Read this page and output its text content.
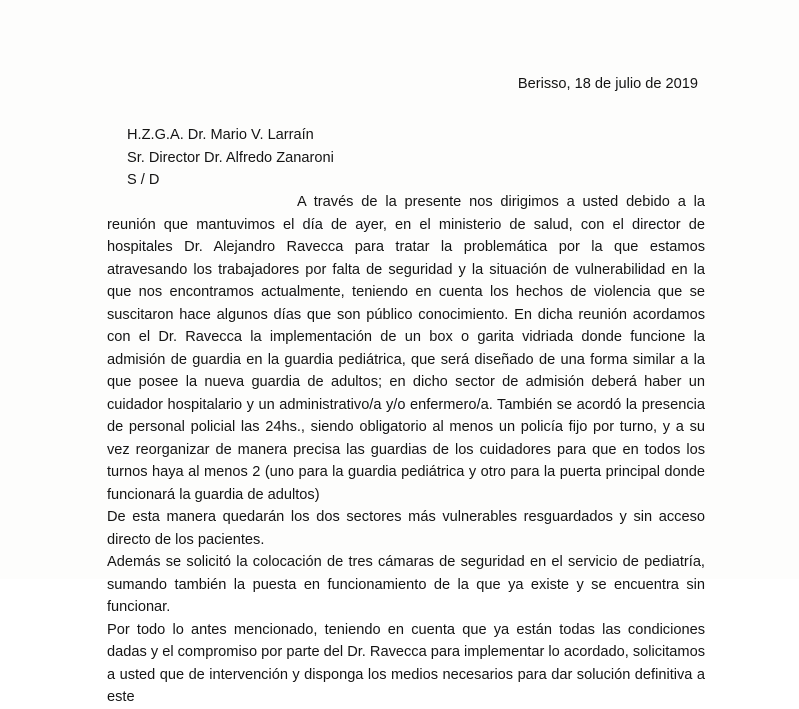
Berisso, 18 de julio de 2019
H.Z.G.A. Dr. Mario V. Larraín
Sr. Director Dr. Alfredo Zanaroni
S / D

A través de la presente nos dirigimos a usted debido a la reunión que mantuvimos el día de ayer, en el ministerio de salud, con el director de hospitales Dr. Alejandro Ravecca para tratar la problemática por la que estamos atravesando los trabajadores por falta de seguridad y la situación de vulnerabilidad en la que nos encontramos actualmente, teniendo en cuenta los hechos de violencia que se suscitaron hace algunos días que son público conocimiento. En dicha reunión acordamos con el Dr. Ravecca la implementación de un box o garita vidriada donde funcione la admisión de guardia en la guardia pediátrica, que será diseñado de una forma similar a la que posee la nueva guardia de adultos; en dicho sector de admisión deberá haber un cuidador hospitalario y un administrativo/a y/o enfermero/a. También se acordó la presencia de personal policial las 24hs., siendo obligatorio al menos un policía fijo por turno, y a su vez reorganizar de manera precisa las guardias de los cuidadores para que en todos los turnos haya al menos 2 (uno para la guardia pediátrica y otro para la puerta principal donde funcionará la guardia de adultos)

De esta manera quedarán los dos sectores más vulnerables resguardados y sin acceso directo de los pacientes.

Además se solicitó la colocación de tres cámaras de seguridad en el servicio de pediatría, sumando también la puesta en funcionamiento de la que ya existe y se encuentra sin funcionar.

Por todo lo antes mencionado, teniendo en cuenta que ya están todas las condiciones dadas y el compromiso por parte del Dr. Ravecca para implementar lo acordado, solicitamos a usted que de intervención y disponga los medios necesarios para dar solución definitiva a este
